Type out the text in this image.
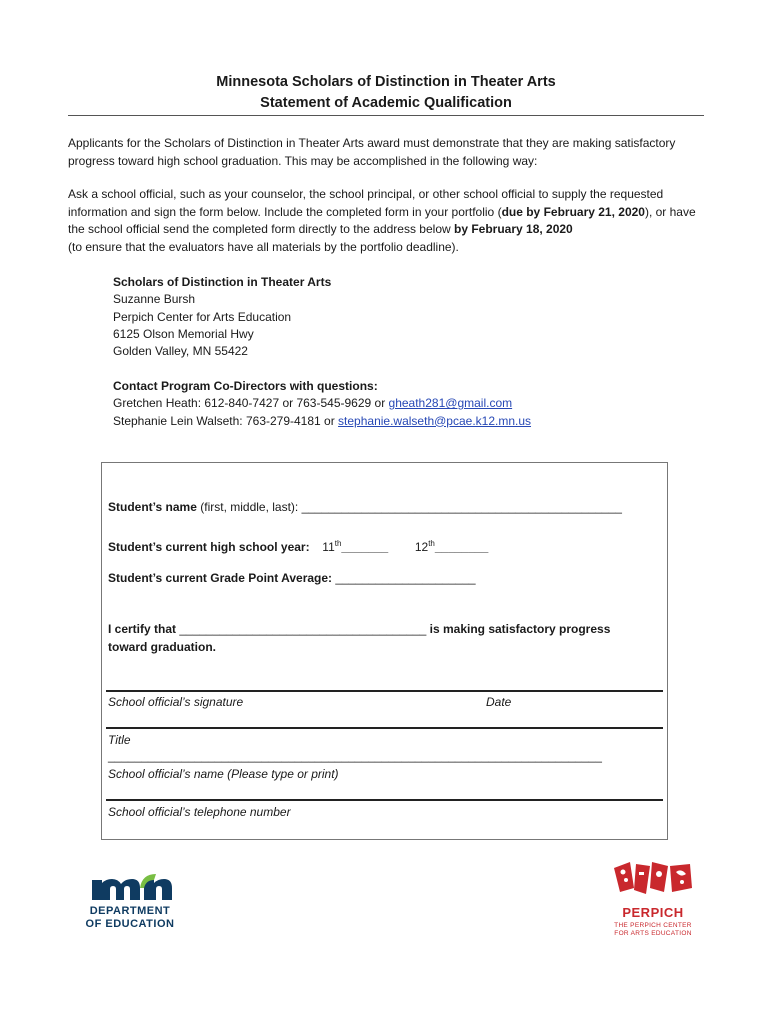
Minnesota Scholars of Distinction in Theater Arts
Statement of Academic Qualification

Applicants for the Scholars of Distinction in Theater Arts award must demonstrate that they are making satisfactory progress toward high school graduation. This may be accomplished in the following way:

Ask a school official, such as your counselor, the school principal, or other school official to supply the requested information and sign the form below. Include the completed form in your portfolio (due by February 21, 2020), or have the school official send the completed form directly to the address below by February 18, 2020
(to ensure that the evaluators have all materials by the portfolio deadline).

Scholars of Distinction in Theater Arts
Suzanne Bursh
Perpich Center for Arts Education
6125 Olson Memorial Hwy
Golden Valley, MN 55422
Contact Program Co-Directors with questions:
Gretchen Heath: 612-840-7427 or 763-545-9629 or gheath281@gmail.com
Stephanie Lein Walseth: 763-279-4181 or stephanie.walseth@pcae.k12.mn.us
Student’s name (first, middle, last): ________________________________________________
Student’s current high school year: 11th_______ 12th________
Student’s current Grade Point Average: _____________________
I certify that _____________________________________ is making satisfactory progress
toward graduation.
School official’s signature	Date
Title
__________________________________________________________________________
School official’s name (Please type or print)
School official’s telephone number
DEPARTMENT
OF EDUCATION
PERPICH
THE PERPICH CENTER
FOR ARTS EDUCATION
